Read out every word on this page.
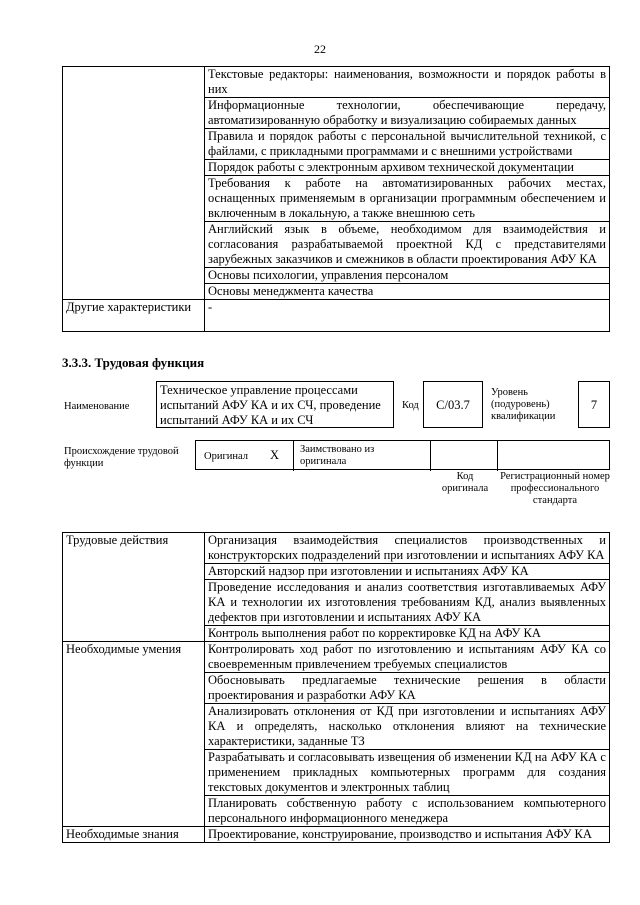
22
	Текстовые редакторы: наименования, возможности и порядок работы в них
	Информационные технологии, обеспечивающие передачу, автоматизированную обработку и визуализацию собираемых данных
	Правила и порядок работы с персональной вычислительной техникой, с файлами, с прикладными программами и с внешними устройствами
	Порядок работы с электронным архивом технической документации
	Требования к работе на автоматизированных рабочих местах, оснащенных применяемым в организации программным обеспечением и включенным в локальную, а также внешнюю сеть
	Английский язык в объеме, необходимом для взаимодействия и согласования разрабатываемой проектной КД с представителями зарубежных заказчиков и смежников в области проектирования АФУ КА
	Основы психологии, управления персоналом
	Основы менеджмента качества
Другие характеристики	-
3.3.3. Трудовая функция
Наименование
Техническое управление процессами испытаний АФУ КА и их СЧ, проведение испытаний АФУ КА и их СЧ
Код	C/03.7
Уровень (подуровень) квалификации
7
Происхождение трудовой функции
Оригинал X Заимствовано из оригинала
Код оригинала
Регистрационный номер профессионального стандарта
Трудовые действия	Организация взаимодействия специалистов производственных и конструкторских подразделений при изготовлении и испытаниях АФУ КА
	Авторский надзор при изготовлении и испытаниях АФУ КА
	Проведение исследования и анализ соответствия изготавливаемых АФУ КА и технологии их изготовления требованиям КД, анализ выявленных дефектов при изготовлении и испытаниях АФУ КА
	Контроль выполнения работ по корректировке КД на АФУ КА
Необходимые умения	Контролировать ход работ по изготовлению и испытаниям АФУ КА со своевременным привлечением требуемых специалистов
	Обосновывать предлагаемые технические решения в области проектирования и разработки АФУ КА
	Анализировать отклонения от КД при изготовлении и испытаниях АФУ КА и определять, насколько отклонения влияют на технические характеристики, заданные ТЗ
	Разрабатывать и согласовывать извещения об изменении КД на АФУ КА с применением прикладных компьютерных программ для создания текстовых документов и электронных таблиц
	Планировать собственную работу с использованием компьютерного персонального информационного менеджера
Необходимые знания	Проектирование, конструирование, производство и испытания АФУ КА
